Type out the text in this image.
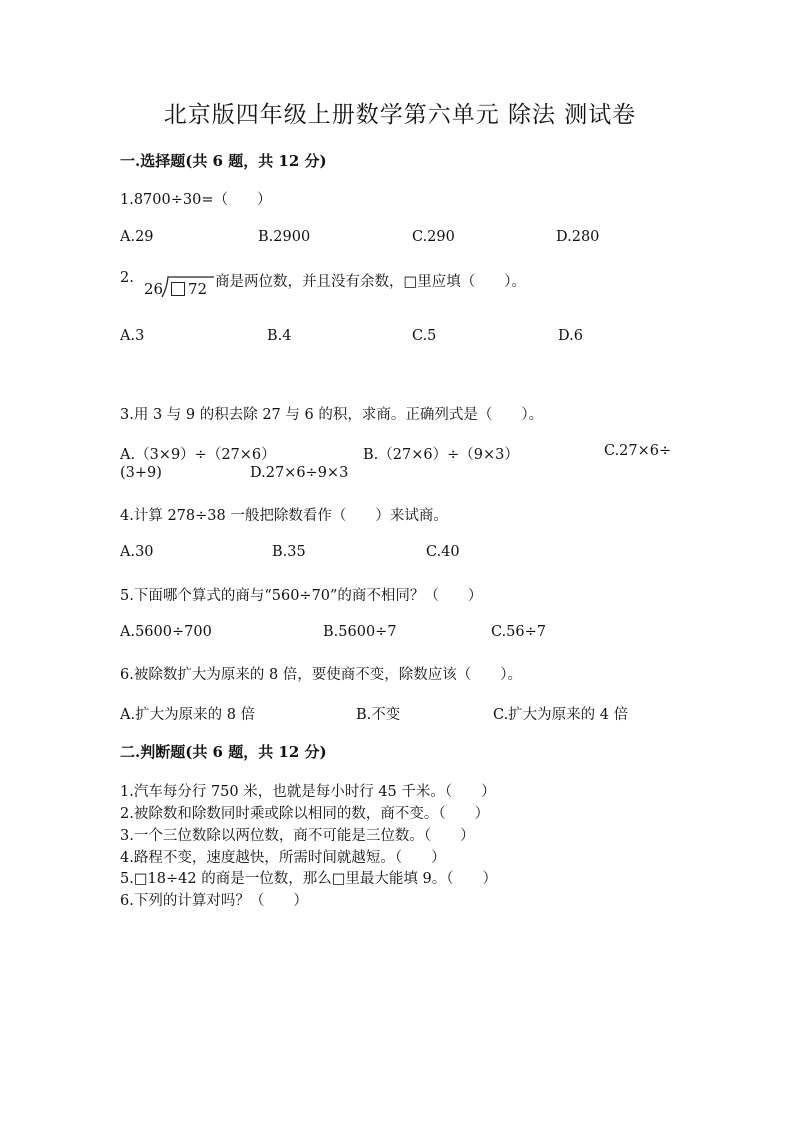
北京版四年级上册数学第六单元 除法 测试卷
一.选择题(共 6 题，共 12 分)
1.8700÷30=（　　）
A.29	B.2900	C.290	D.280
2.
26 72 商是两位数，并且没有余数，□里应填（　　）。
A.3	B.4	C.5	D.6
3.用 3 与 9 的积去除 27 与 6 的积，求商。正确列式是（　　）。
A.（3×9）÷（27×6）	B.（27×6）÷（9×3）	C.27×6÷
(3+9)	D.27×6÷9×3
4.计算 278÷38 一般把除数看作（　　）来试商。
A.30	B.35	C.40
5.下面哪个算式的商与“560÷70”的商不相同？（　　）
A.5600÷700	B.5600÷7	C.56÷7
6.被除数扩大为原来的 8 倍，要使商不变，除数应该（　　）。
A.扩大为原来的 8 倍	B.不变	C.扩大为原来的 4 倍
二.判断题(共 6 题，共 12 分)
1.汽车每分行 750 米，也就是每小时行 45 千米。（　　）
2.被除数和除数同时乘或除以相同的数，商不变。（　　）
3.一个三位数除以两位数，商不可能是三位数。（　　）
4.路程不变，速度越快，所需时间就越短。（　　）
5.□18÷42 的商是一位数，那么□里最大能填 9。（　　）
6.下列的计算对吗？（　　）
